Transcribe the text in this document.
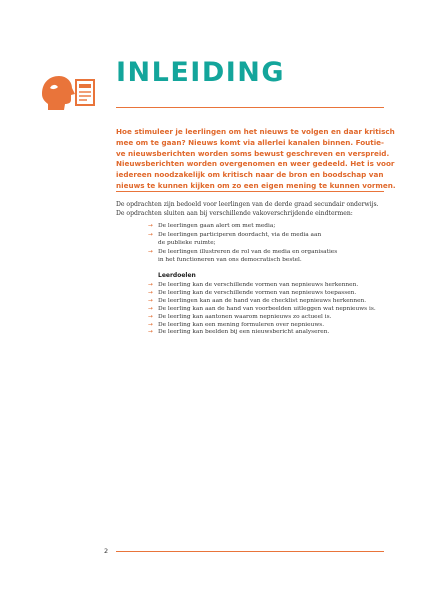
INLEIDING

Hoe stimuleer je leerlingen om het nieuws te volgen en daar kritisch
mee om te gaan? Nieuws komt via allerlei kanalen binnen. Foutie-
ve nieuwsberichten worden soms bewust geschreven en verspreid.
Nieuwsberichten worden overgenomen en weer gedeeld. Het is voor
iedereen noodzakelijk om kritisch naar de bron en boodschap van
nieuws te kunnen kijken om zo een eigen mening te kunnen vormen.

De opdrachten zijn bedoeld voor leerlingen van de derde graad secundair onderwijs.
De opdrachten sluiten aan bij verschillende vakoverschrijdende eindtermen:
→ De leerlingen gaan alert om met media;
→ De leerlingen participeren doordacht, via de media aan
de publieke ruimte;
→ De leerlingen illustreren de rol van de media en organisaties
in het functioneren van ons democratisch bestel.
Leerdoelen
→ De leerling kan de verschillende vormen van nepnieuws herkennen.
→ De leerling kan de verschillende vormen van nepnieuws toepassen.
→ De leerlingen kan aan de hand van de checklist nepnieuws herkennen.
→ De leerling kan aan de hand van voorbeelden uitleggen wat nepnieuws is.
→ De leerling kan aantonen waarom nepnieuws zo actueel is.
→ De leerling kan een mening formuleren over nepnieuws.
→ De leerling kan beelden bij een nieuwsbericht analyseren.
2
